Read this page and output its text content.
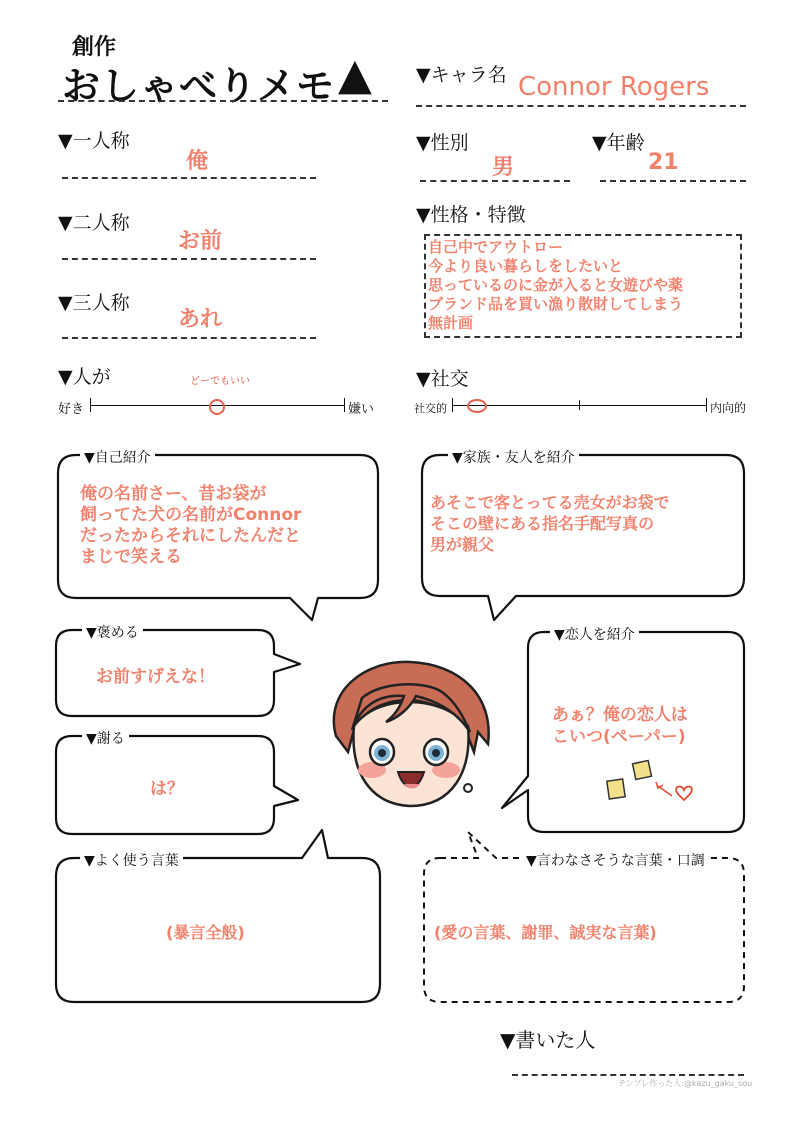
創作
おしゃべりメモ ▲ ▼キャラ名 Connor Rogers
▼一人称
俺
▼二人称
お前
▼三人称
あれ
▼性別
男
▼年齢
21
▼性格・特徴
自己中でアウトロー
今より良い暮らしをしたいと
思っているのに金が入ると女遊びや薬
ブランド品を買い漁り散財してしまう
無計画
▼人が	どーでもいい
好き	嫌い
▼社交
社交的	内向的
▼自己紹介	▼家族・友人を紹介
▼褒める
▼謝る
▼恋人を紹介
▼よく使う言葉	▼言わなさそうな言葉・口調
俺の名前さー、昔お袋が
飼ってた犬の名前がConnor
だったからそれにしたんだと
まじで笑える
あそこで客とってる売女がお袋で
そこの壁にある指名手配写真の
男が親父
お前すげえな！
は？
あぁ？俺の恋人は
こいつ(ペーパー)
(暴言全般)	(愛の言葉、謝罪、誠実な言葉)
▼書いた人
テンプレ作った人:@kazu_gaku_sou
